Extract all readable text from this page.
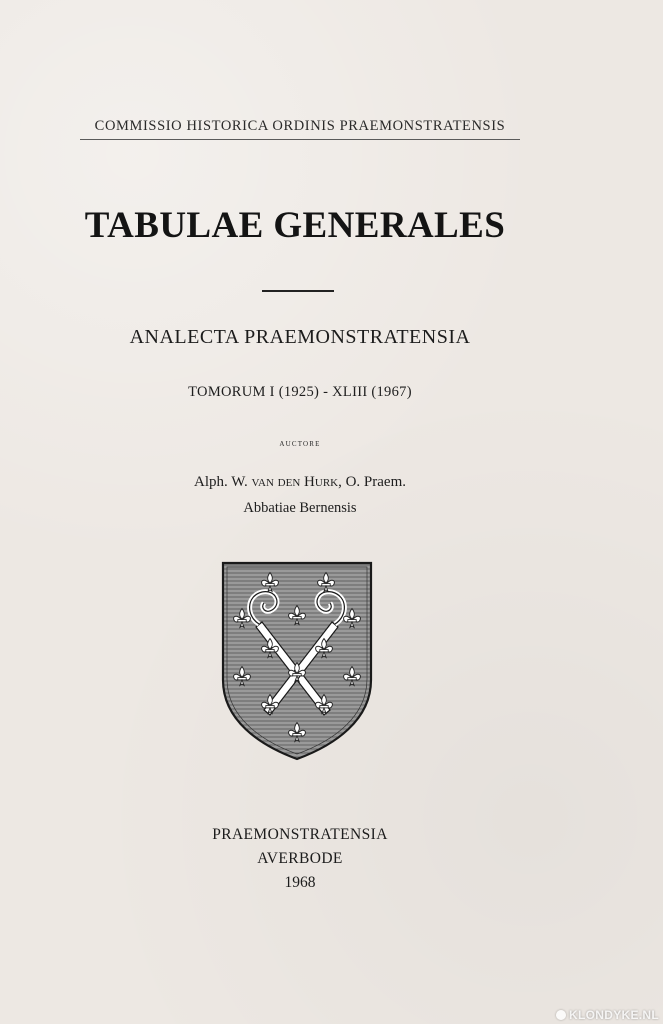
COMMISSIO HISTORICA ORDINIS PRAEMONSTRATENSIS
TABULAE GENERALES
ANALECTA PRAEMONSTRATENSIA
TOMORUM I (1925) - XLIII (1967)
auctore
Alph. W. van den Hurk, O. Praem.
Abbatiae Bernensis
PRAEMONSTRATENSIA
AVERBODE
1968
KLONDYKE.NL
